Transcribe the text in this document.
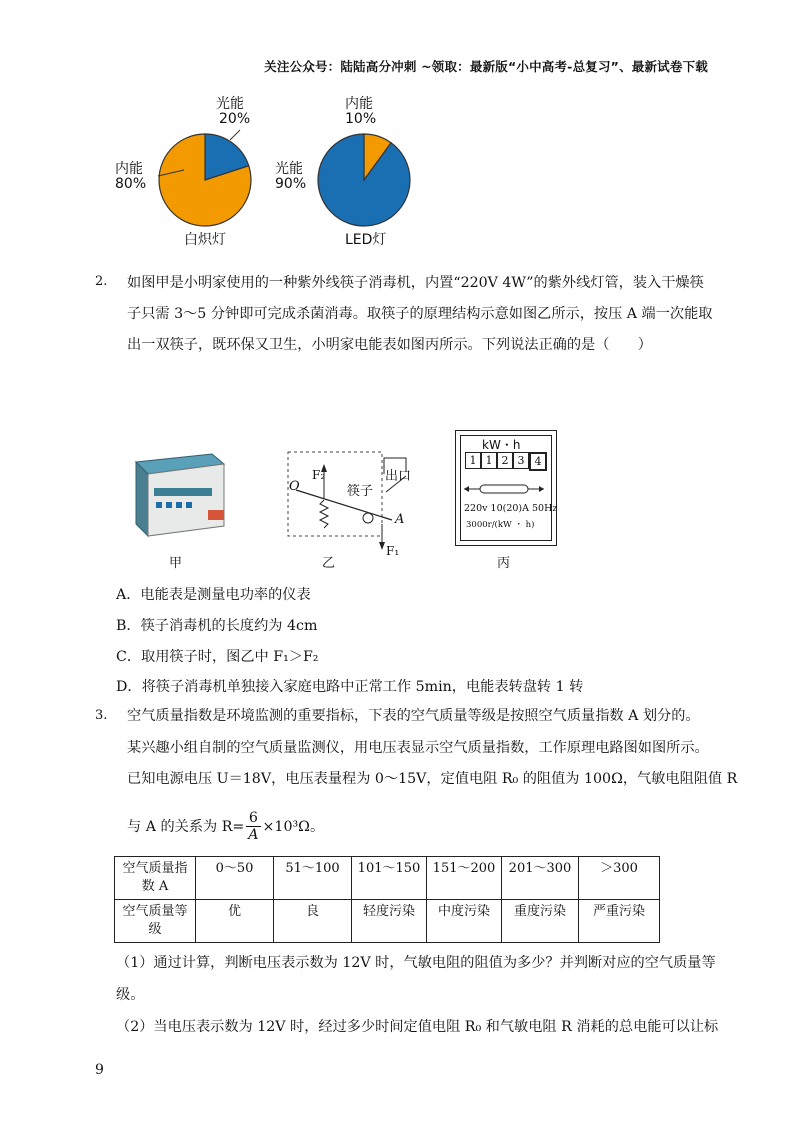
关注公众号：陆陆高分冲刺 ~领取：最新版“小中高考-总复习”、最新试卷下载
光能
20%
内能
80%
白炽灯
内能
10%
光能
90%
LED灯
2. 如图甲是小明家使用的一种紫外线筷子消毒机，内置“220V 4W”的紫外线灯管，装入干燥筷
子只需 3～5 分钟即可完成杀菌消毒。取筷子的原理结构示意如图乙所示，按压 A 端一次能取
出一双筷子，既环保又卫生，小明家电能表如图丙所示。下列说法正确的是（　　）
O
F₂
筷子
出口
A
F₁
kW・h
1 1 2 3 4
220v 10(20)A 50Hz
3000r/(kW ・ h)
甲	乙	丙
A．电能表是测量电功率的仪表
B．筷子消毒机的长度约为 4cm
C．取用筷子时，图乙中 F₁＞F₂
D．将筷子消毒机单独接入家庭电路中正常工作 5min，电能表转盘转 1 转
3. 空气质量指数是环境监测的重要指标，下表的空气质量等级是按照空气质量指数 A 划分的。
某兴趣小组自制的空气质量监测仪，用电压表显示空气质量指数，工作原理电路图如图所示。
已知电源电压 U＝18V，电压表量程为 0～15V，定值电阻 R₀ 的阻值为 100Ω，气敏电阻阻值 R
与 A 的关系为 $R= \frac{6}{A} \times 10^3\Omega$。
空气质量指数 A	0～50	51～100	101～150	151～200	201～300	＞300
空气质量等级	优	良	轻度污染	中度污染	重度污染	严重污染
（1）通过计算，判断电压表示数为 12V 时，气敏电阻的阻值为多少？并判断对应的空气质量等
级。
（2）当电压表示数为 12V 时，经过多少时间定值电阻 R₀ 和气敏电阻 R 消耗的总电能可以让标
9
